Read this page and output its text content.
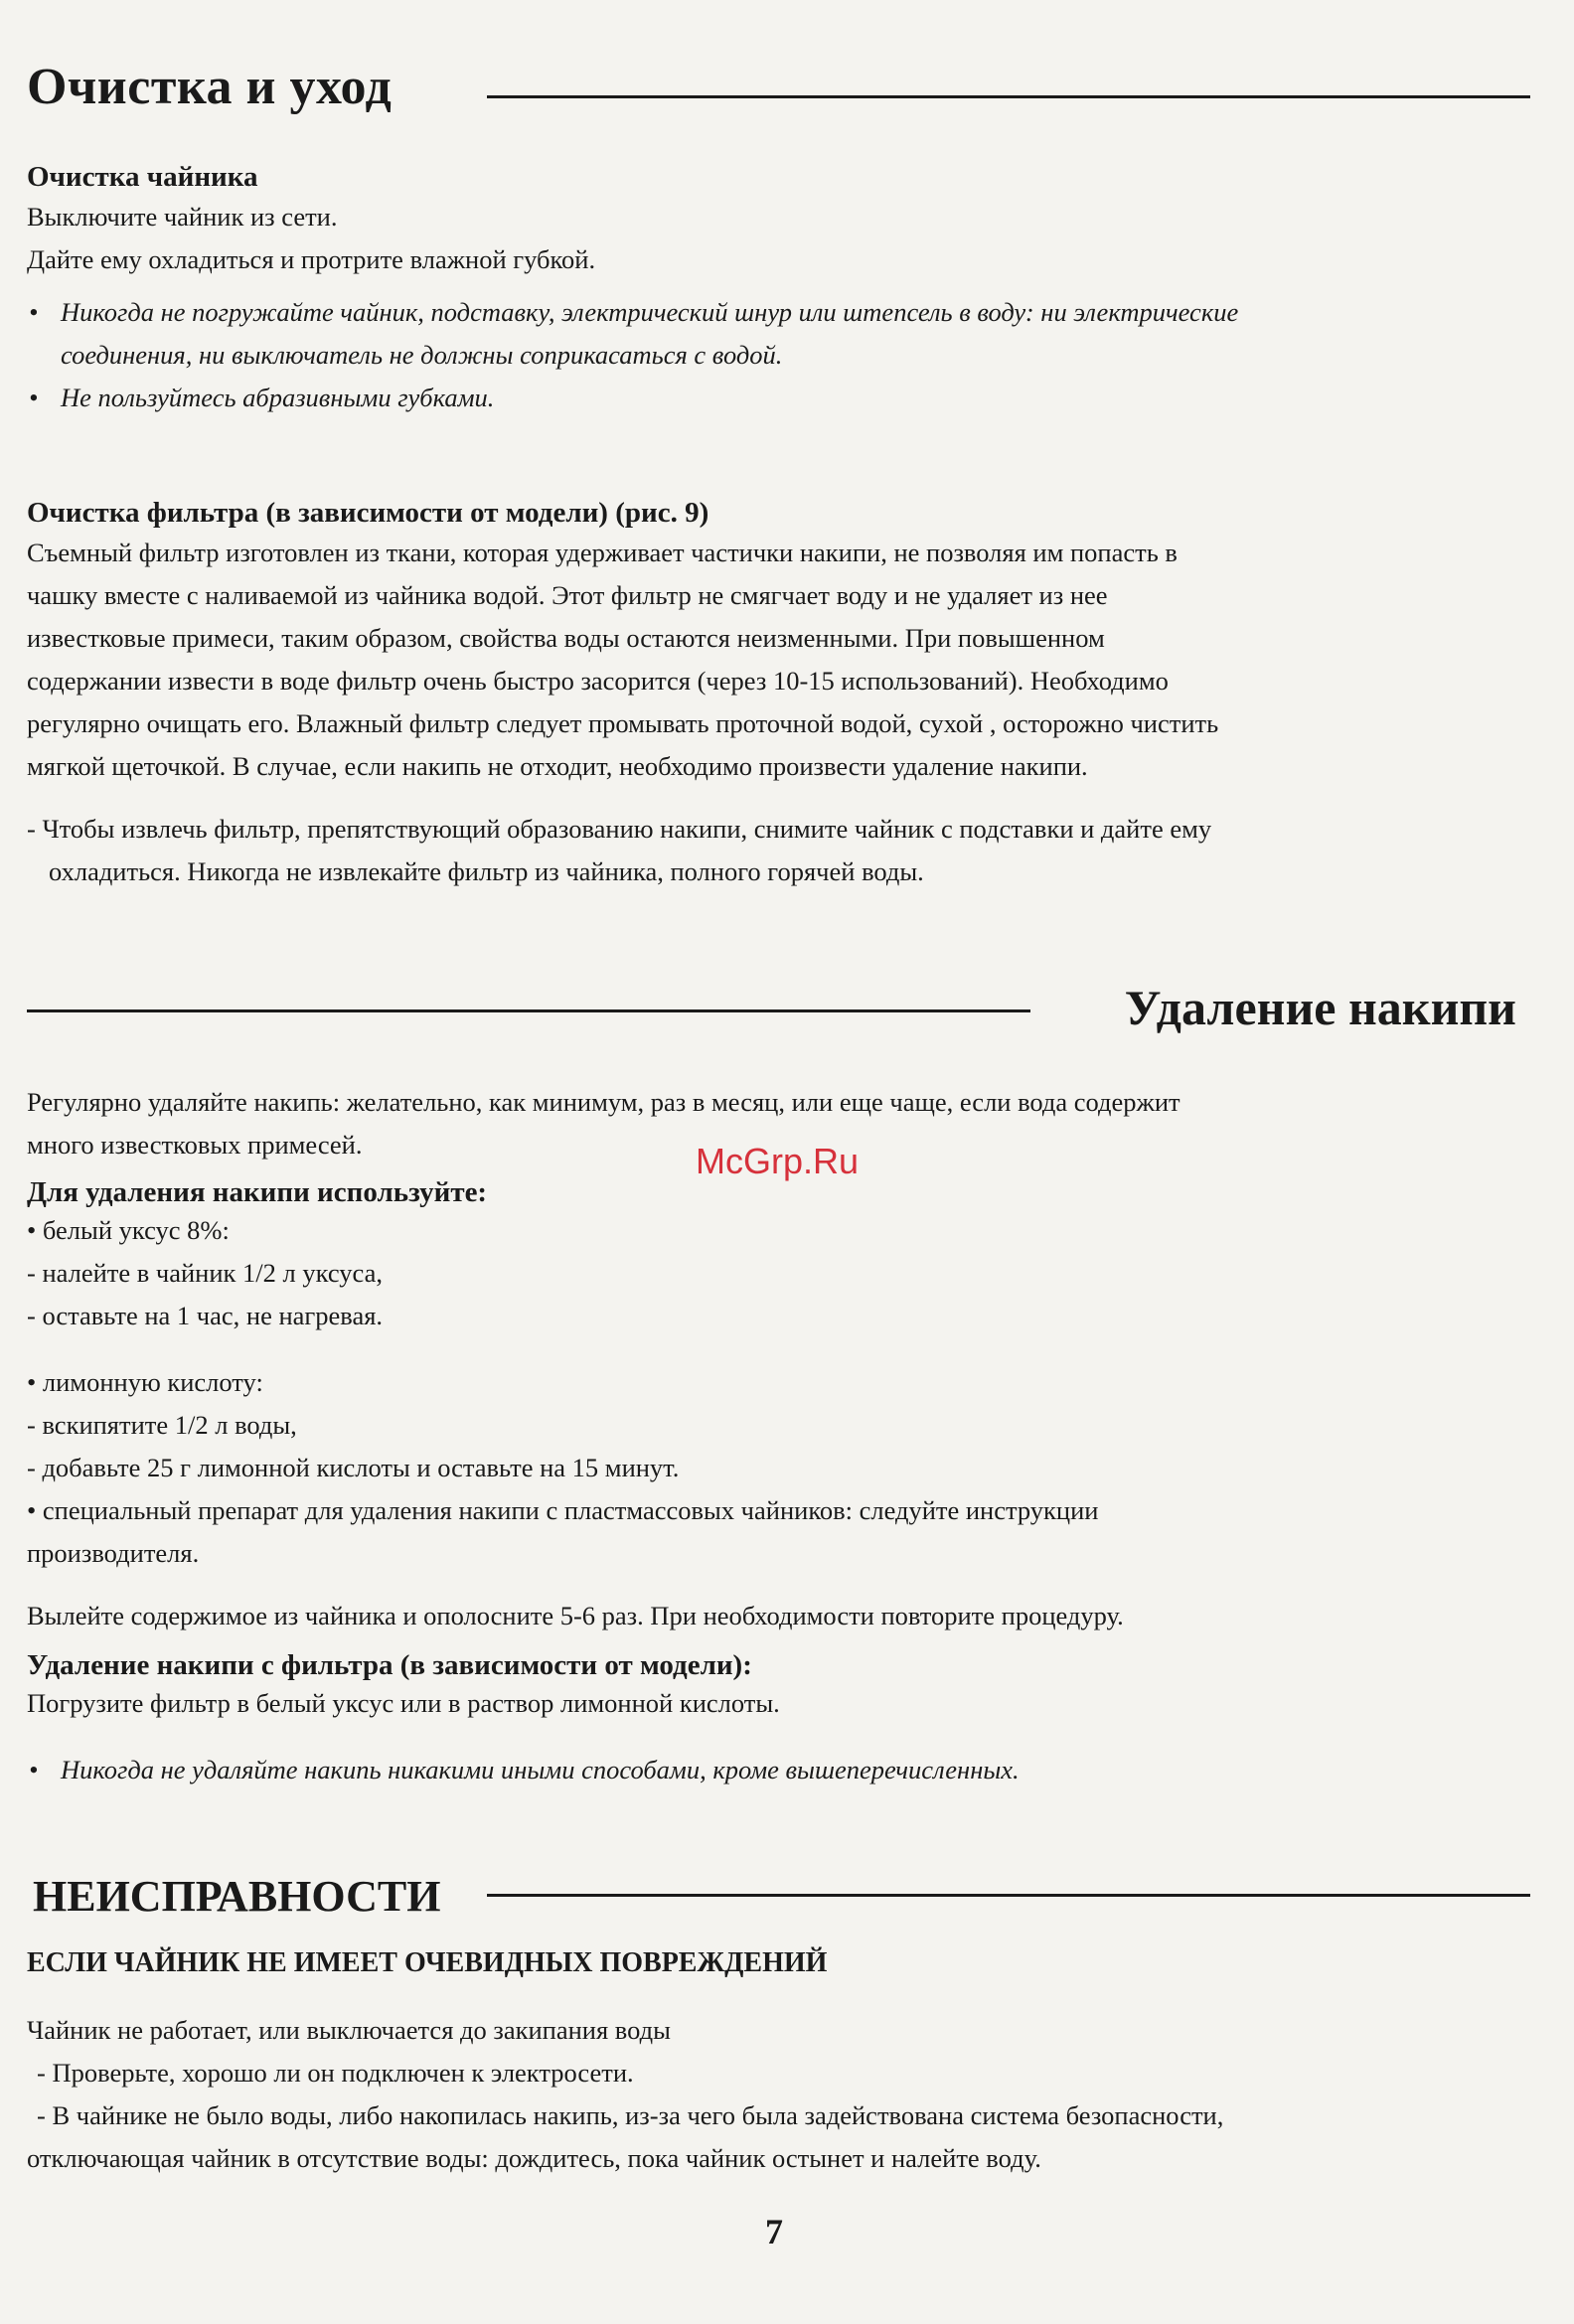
Очистка и уход
Очистка чайника
Выключите чайник из сети.
Дайте ему охладиться и протрите влажной губкой.
• Никогда не погружайте чайник, подставку, электрический шнур или штепсель в воду: ни электрические
соединения, ни выключатель не должны соприкасаться с водой.
• Не пользуйтесь абразивными губками.
Очистка фильтра (в зависимости от модели) (рис. 9)
Съемный фильтр изготовлен из ткани, которая удерживает частички накипи, не позволяя им попасть в
чашку вместе с наливаемой из чайника водой. Этот фильтр не смягчает воду и не удаляет из нее
известковые примеси, таким образом, свойства воды остаются неизменными. При повышенном
содержании извести в воде фильтр очень быстро засорится (через 10-15 использований). Необходимо
регулярно очищать его. Влажный фильтр следует промывать проточной водой, сухой , осторожно чистить
мягкой щеточкой. В случае, если накипь не отходит, необходимо произвести удаление накипи.
- Чтобы извлечь фильтр, препятствующий образованию накипи, снимите чайник с подставки и дайте ему
охладиться. Никогда не извлекайте фильтр из чайника, полного горячей воды.
Удаление накипи
Регулярно удаляйте накипь: желательно, как минимум, раз в месяц, или еще чаще, если вода содержит
много известковых примесей.
Для удаления накипи используйте:
• белый уксус 8%:
- налейте в чайник 1/2 л уксуса,
- оставьте на 1 час, не нагревая.
• лимонную кислоту:
- вскипятите 1/2 л воды,
- добавьте 25 г лимонной кислоты и оставьте на 15 минут.
• специальный препарат для удаления накипи с пластмассовых чайников: следуйте инструкции
производителя.
Вылейте содержимое из чайника и ополосните 5-6 раз. При необходимости повторите процедуру.
Удаление накипи с фильтра (в зависимости от модели):
Погрузите фильтр в белый уксус или в раствор лимонной кислоты.
• Никогда не удаляйте накипь никакими иными способами, кроме вышеперечисленных.
McGrp.Ru
НЕИСПРАВНОСТИ
ЕСЛИ ЧАЙНИК НЕ ИМЕЕТ ОЧЕВИДНЫХ ПОВРЕЖДЕНИЙ
Чайник не работает, или выключается до закипания воды
- Проверьте, хорошо ли он подключен к электросети.
- В чайнике не было воды, либо накопилась накипь, из-за чего была задействована система безопасности,
отключающая чайник в отсутствие воды: дождитесь, пока чайник остынет и налейте воду.
7
